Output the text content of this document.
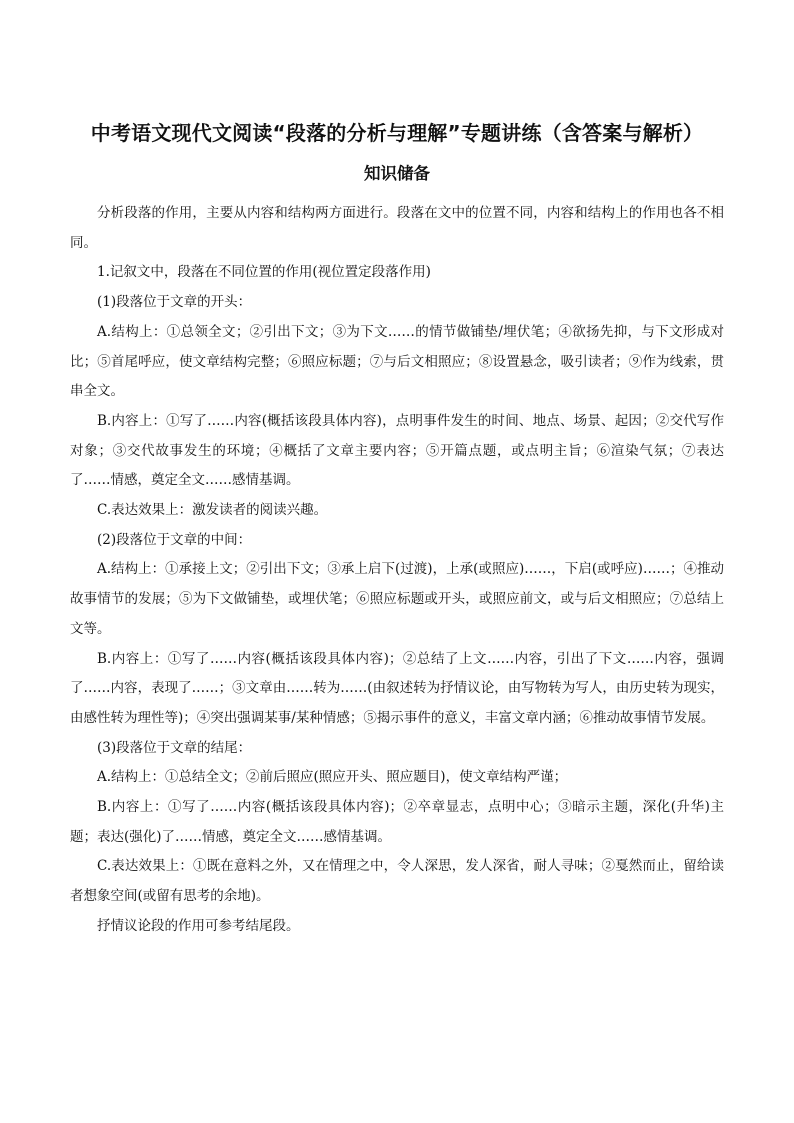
中考语文现代文阅读“段落的分析与理解”专题讲练（含答案与解析）
知识储备

分析段落的作用，主要从内容和结构两方面进行。段落在文中的位置不同，内容和结构上的作用也各不相同。

1.记叙文中，段落在不同位置的作用(视位置定段落作用)

(1)段落位于文章的开头：

A.结构上：①总领全文；②引出下文；③为下文……的情节做铺垫/埋伏笔；④欲扬先抑，与下文形成对比；⑤首尾呼应，使文章结构完整；⑥照应标题；⑦与后文相照应；⑧设置悬念，吸引读者；⑨作为线索，贯串全文。

B.内容上：①写了……内容(概括该段具体内容)，点明事件发生的时间、地点、场景、起因；②交代写作对象；③交代故事发生的环境；④概括了文章主要内容；⑤开篇点题，或点明主旨；⑥渲染气氛；⑦表达了……情感，奠定全文……感情基调。

C.表达效果上：激发读者的阅读兴趣。

(2)段落位于文章的中间：

A.结构上：①承接上文；②引出下文；③承上启下(过渡)，上承(或照应)……，下启(或呼应)……；④推动故事情节的发展；⑤为下文做铺垫，或埋伏笔；⑥照应标题或开头，或照应前文，或与后文相照应；⑦总结上文等。

B.内容上：①写了……内容(概括该段具体内容)；②总结了上文……内容，引出了下文……内容，强调了……内容，表现了……；③文章由……转为……(由叙述转为抒情议论，由写物转为写人，由历史转为现实，由感性转为理性等)；④突出强调某事/某种情感；⑤揭示事件的意义，丰富文章内涵；⑥推动故事情节发展。

(3)段落位于文章的结尾：

A.结构上：①总结全文；②前后照应(照应开头、照应题目)，使文章结构严谨；

B.内容上：①写了……内容(概括该段具体内容)；②卒章显志，点明中心；③暗示主题，深化(升华)主题；表达(强化)了……情感，奠定全文……感情基调。

C.表达效果上：①既在意料之外，又在情理之中，令人深思，发人深省，耐人寻味；②戛然而止，留给读者想象空间(或留有思考的余地)。

抒情议论段的作用可参考结尾段。
